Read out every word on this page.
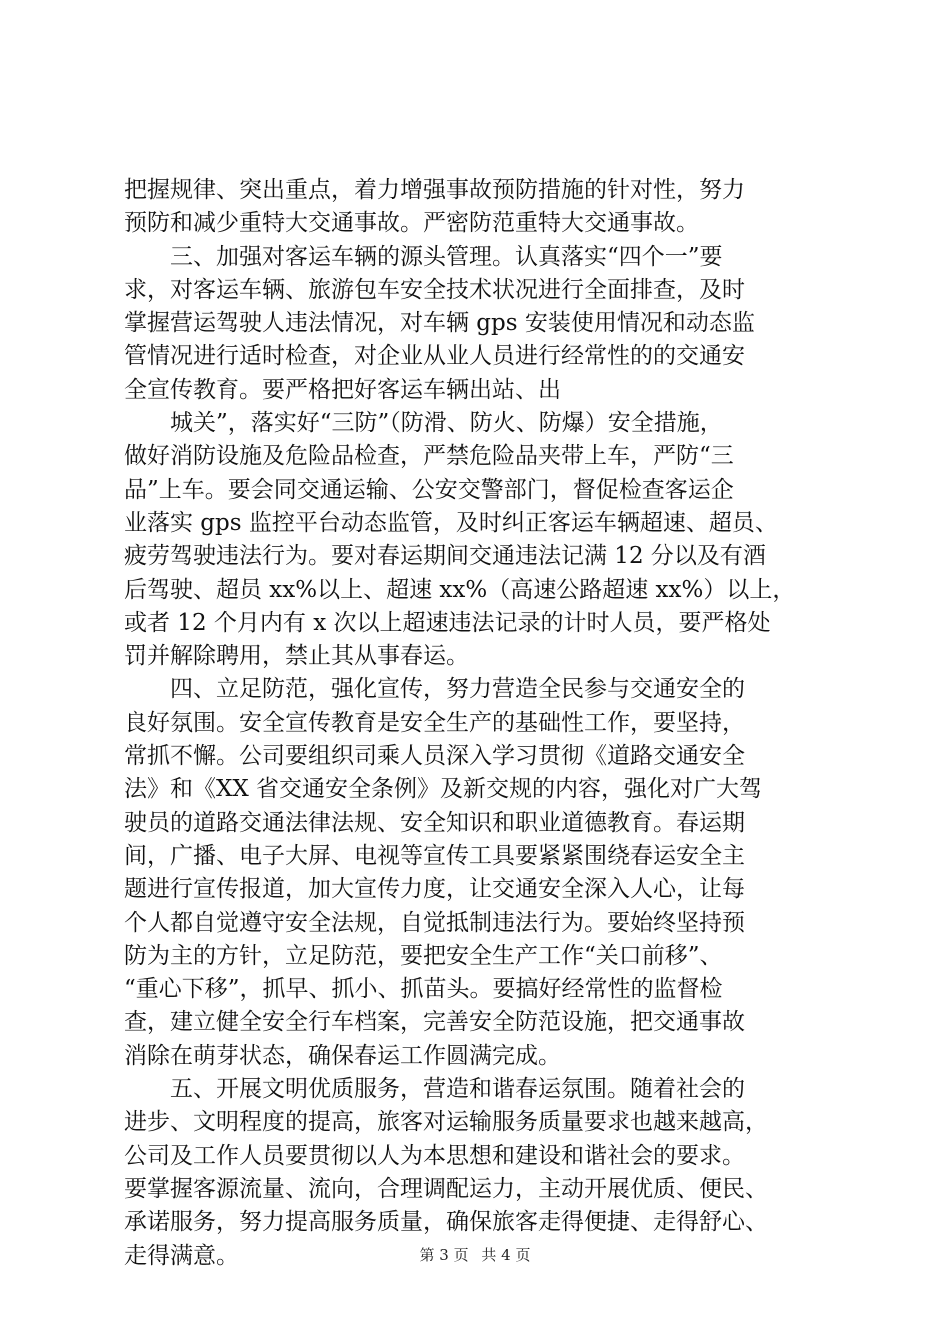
把握规律、突出重点，着力增强事故预防措施的针对性，努力
预防和减少重特大交通事故。严密防范重特大交通事故。
三、加强对客运车辆的源头管理。认真落实“四个一”要
求，对客运车辆、旅游包车安全技术状况进行全面排查，及时
掌握营运驾驶人违法情况，对车辆 gps 安装使用情况和动态监
管情况进行适时检查，对企业从业人员进行经常性的的交通安
全宣传教育。要严格把好客运车辆出站、出
城关”，落实好“三防”（防滑、防火、防爆）安全措施，
做好消防设施及危险品检查，严禁危险品夹带上车，严防“三
品”上车。要会同交通运输、公安交警部门，督促检查客运企
业落实 gps 监控平台动态监管，及时纠正客运车辆超速、超员、
疲劳驾驶违法行为。要对春运期间交通违法记满 12 分以及有酒
后驾驶、超员 xx%以上、超速 xx%（高速公路超速 xx%）以上，
或者 12 个月内有 x 次以上超速违法记录的计时人员，要严格处
罚并解除聘用，禁止其从事春运。
四、立足防范，强化宣传，努力营造全民参与交通安全的
良好氛围。安全宣传教育是安全生产的基础性工作，要坚持，
常抓不懈。公司要组织司乘人员深入学习贯彻《道路交通安全
法》和《XX 省交通安全条例》及新交规的内容，强化对广大驾
驶员的道路交通法律法规、安全知识和职业道德教育。春运期
间，广播、电子大屏、电视等宣传工具要紧紧围绕春运安全主
题进行宣传报道，加大宣传力度，让交通安全深入人心，让每
个人都自觉遵守安全法规，自觉抵制违法行为。要始终坚持预
防为主的方针，立足防范，要把安全生产工作“关口前移”、
“重心下移”，抓早、抓小、抓苗头。要搞好经常性的监督检
查，建立健全安全行车档案，完善安全防范设施，把交通事故
消除在萌芽状态，确保春运工作圆满完成。
五、开展文明优质服务，营造和谐春运氛围。随着社会的
进步、文明程度的提高，旅客对运输服务质量要求也越来越高，
公司及工作人员要贯彻以人为本思想和建设和谐社会的要求。
要掌握客源流量、流向，合理调配运力，主动开展优质、便民、
承诺服务，努力提高服务质量，确保旅客走得便捷、走得舒心、
走得满意。	第 3 页 共 4 页
